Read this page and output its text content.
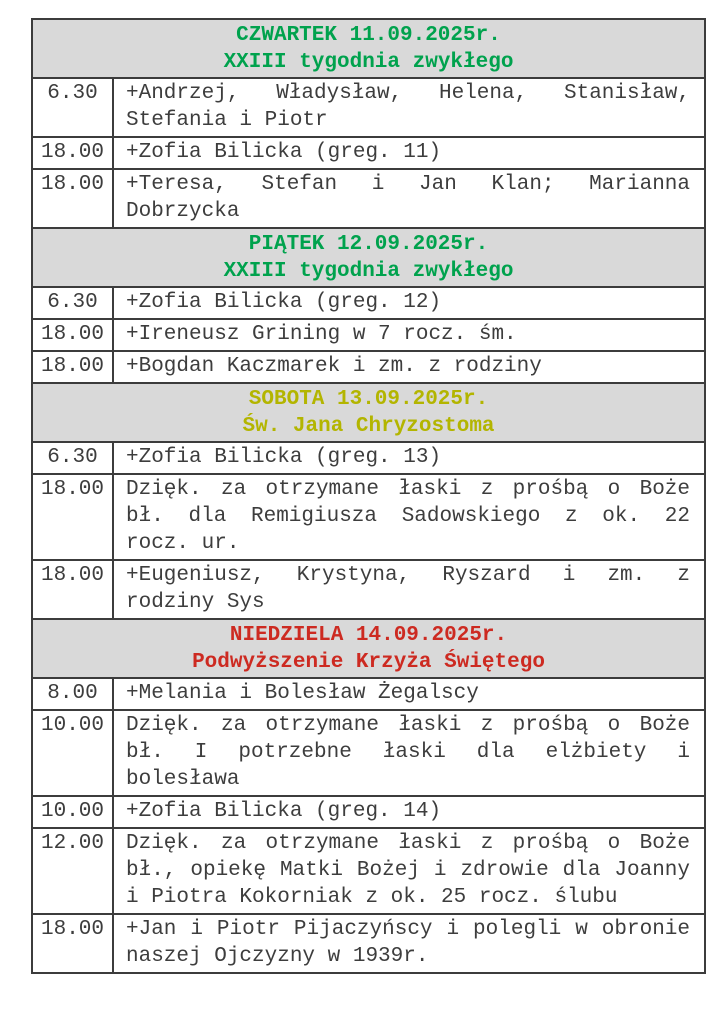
CZWARTEK 11.09.2025r.
XXIII tygodnia zwykłego	

6.30	+Andrzej, Władysław, Helena, Stanisław, Stefania i Piotr
18.00	+Zofia Bilicka (greg. 11)
18.00	+Teresa, Stefan i Jan Klan; Marianna Dobrzycka

PIĄTEK 12.09.2025r.
XXIII tygodnia zwykłego	

6.30	+Zofia Bilicka (greg. 12)
18.00	+Ireneusz Grining w 7 rocz. śm.
18.00	+Bogdan Kaczmarek i zm. z rodziny

SOBOTA 13.09.2025r.
Św. Jana Chryzostoma	

6.30	+Zofia Bilicka (greg. 13)
18.00	Dzięk. za otrzymane łaski z prośbą o Boże bł. dla Remigiusza Sadowskiego z ok. 22 rocz. ur.
18.00	+Eugeniusz, Krystyna, Ryszard i zm. z rodziny Sys

NIEDZIELA 14.09.2025r.
Podwyższenie Krzyża Świętego	

8.00	+Melania i Bolesław Żegalscy
10.00	Dzięk. za otrzymane łaski z prośbą o Boże bł. I potrzebne łaski dla elżbiety i bolesława
10.00	+Zofia Bilicka (greg. 14)
12.00	Dzięk. za otrzymane łaski z prośbą o Boże bł., opiekę Matki Bożej i zdrowie dla Joanny i Piotra Kokorniak z ok. 25 rocz. ślubu
18.00	+Jan i Piotr Pijaczyńscy i polegli w obronie naszej Ojczyzny w 1939r.
